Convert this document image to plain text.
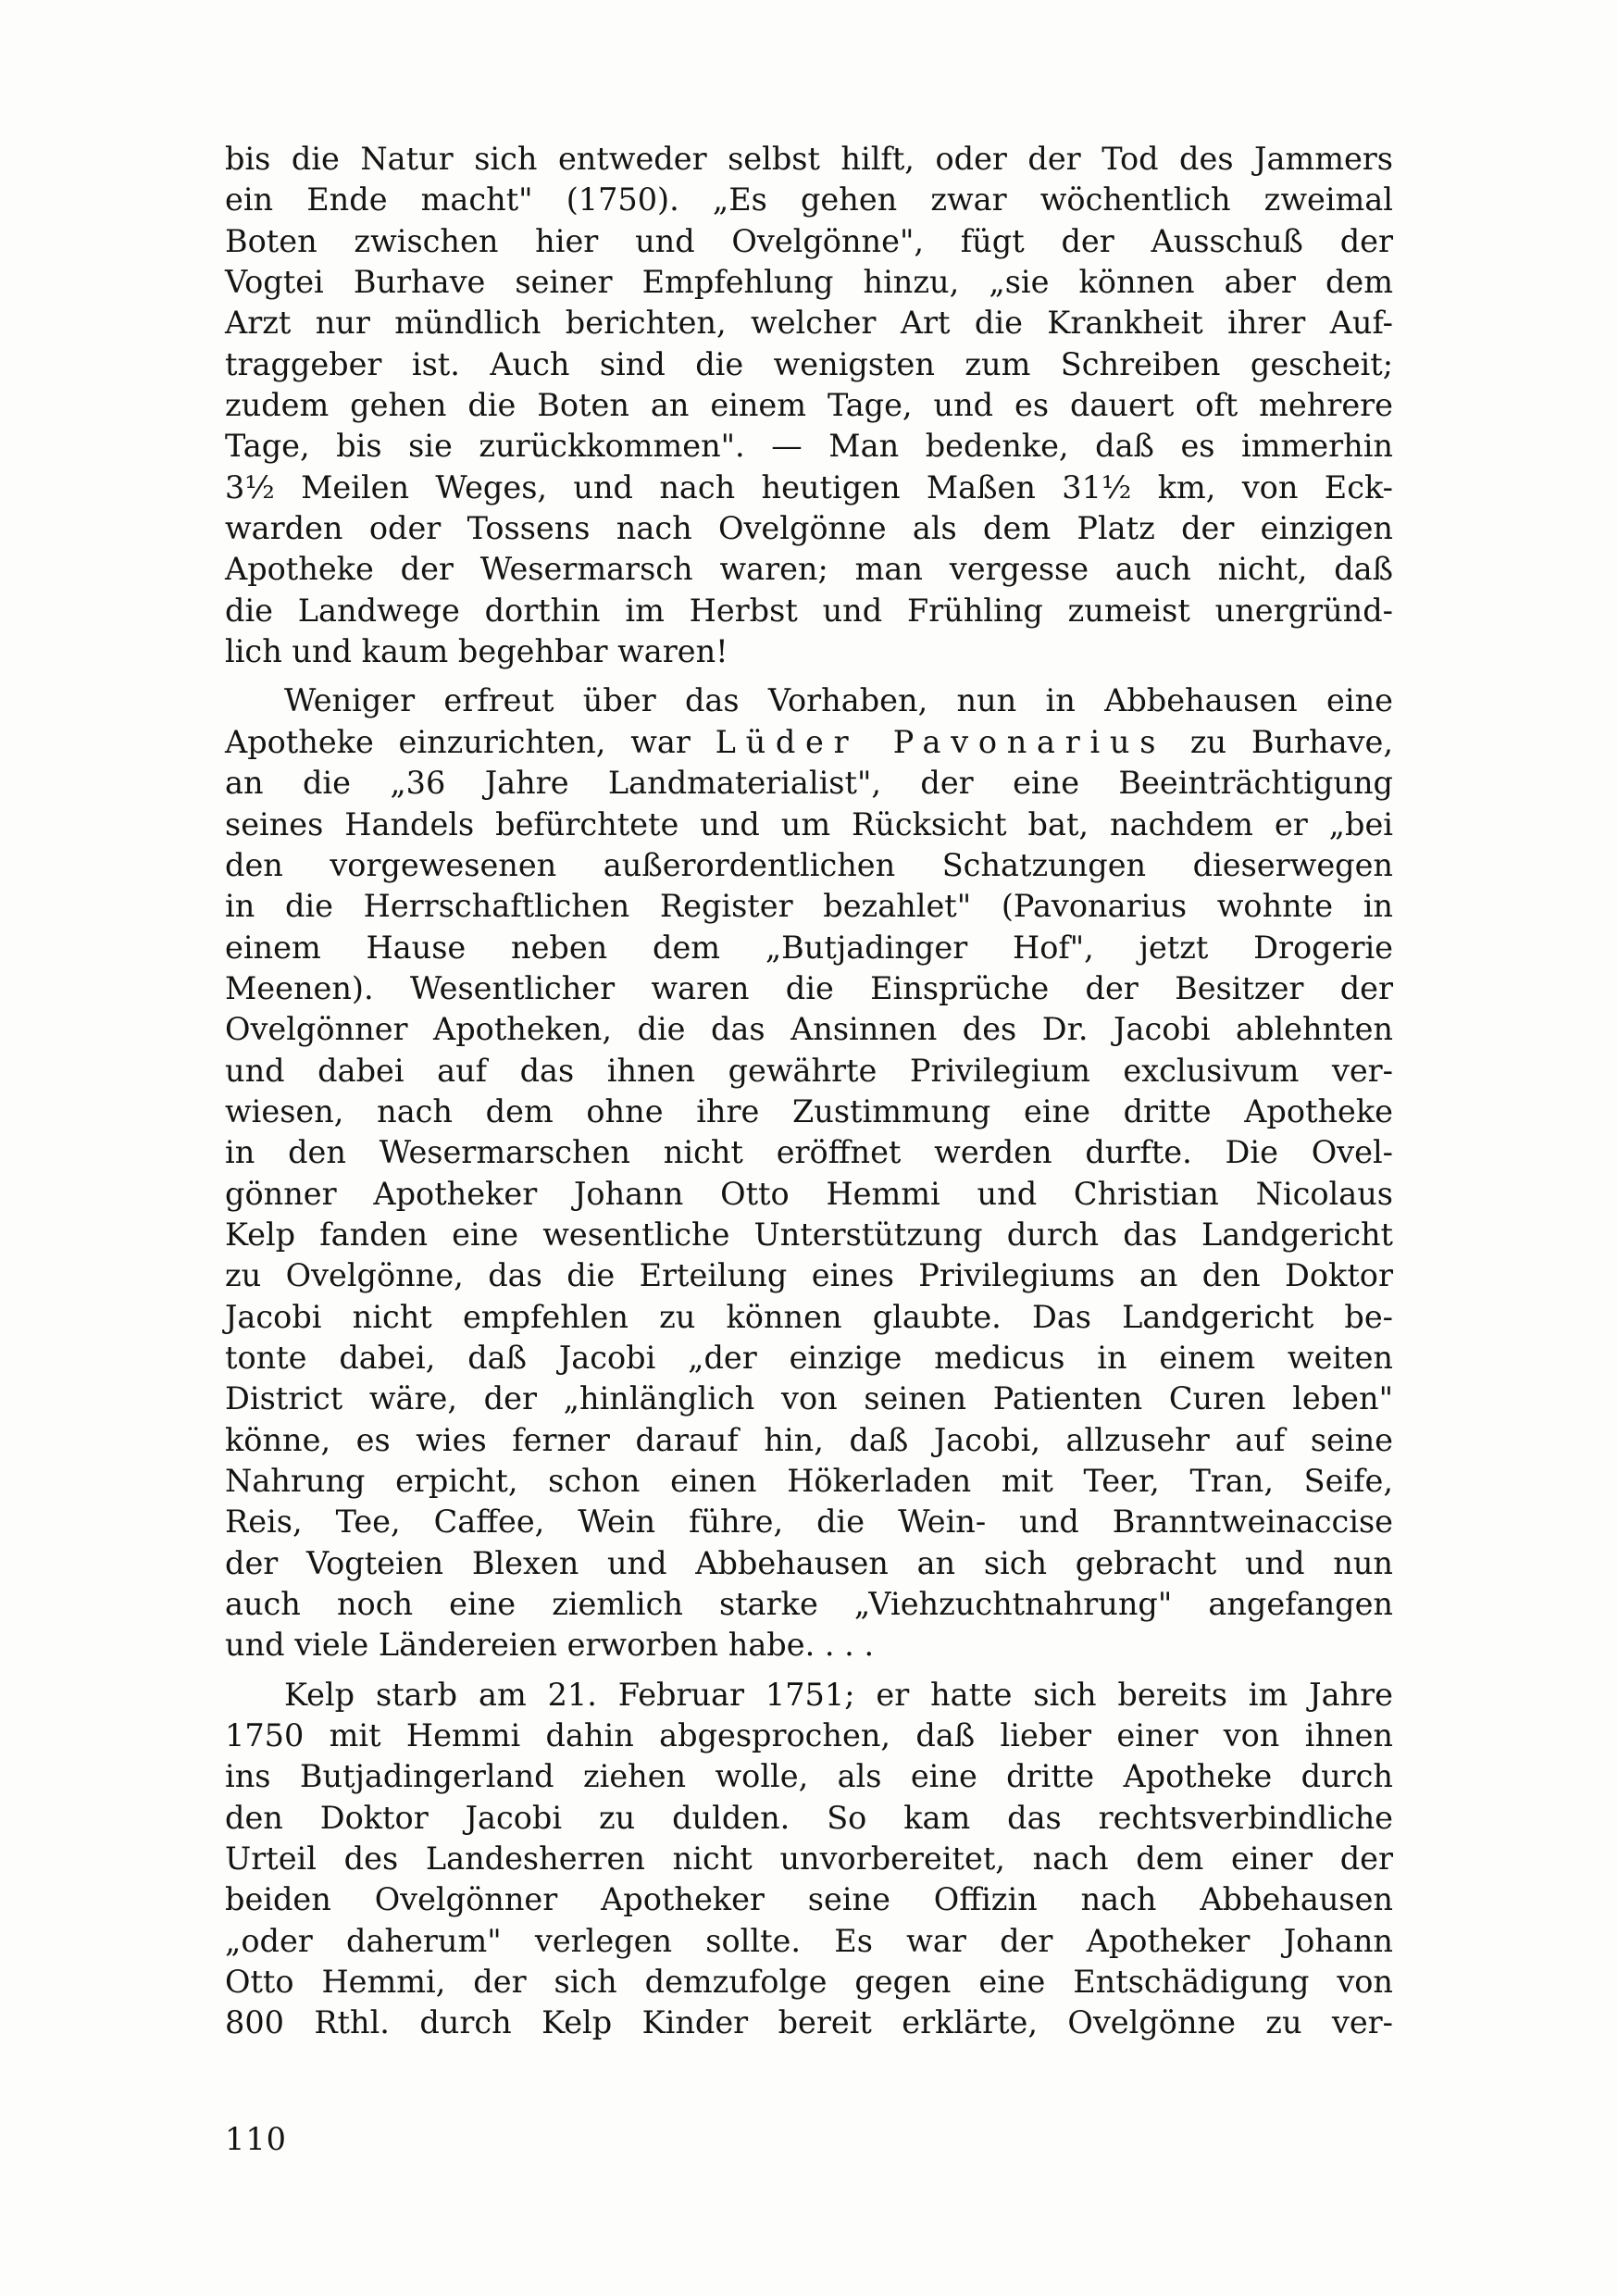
bis die Natur sich entweder selbst hilft, oder der Tod des Jammers
ein Ende macht" (1750). „Es gehen zwar wöchentlich zweimal
Boten zwischen hier und Ovelgönne", fügt der Ausschuß der
Vogtei Burhave seiner Empfehlung hinzu, „sie können aber dem
Arzt nur mündlich berichten, welcher Art die Krankheit ihrer Auf-
traggeber ist. Auch sind die wenigsten zum Schreiben gescheit;
zudem gehen die Boten an einem Tage, und es dauert oft mehrere
Tage, bis sie zurückkommen". — Man bedenke, daß es immerhin
3½ Meilen Weges, und nach heutigen Maßen 31½ km, von Eck-
warden oder Tossens nach Ovelgönne als dem Platz der einzigen
Apotheke der Wesermarsch waren; man vergesse auch nicht, daß
die Landwege dorthin im Herbst und Frühling zumeist unergründ-
lich und kaum begehbar waren!
Weniger erfreut über das Vorhaben, nun in Abbehausen eine
Apotheke einzurichten, war Lüder Pavonarius zu Burhave,
an die „36 Jahre Landmaterialist", der eine Beeinträchtigung
seines Handels befürchtete und um Rücksicht bat, nachdem er „bei
den vorgewesenen außerordentlichen Schatzungen dieserwegen
in die Herrschaftlichen Register bezahlet" (Pavonarius wohnte in
einem Hause neben dem „Butjadinger Hof", jetzt Drogerie
Meenen). Wesentlicher waren die Einsprüche der Besitzer der
Ovelgönner Apotheken, die das Ansinnen des Dr. Jacobi ablehnten
und dabei auf das ihnen gewährte Privilegium exclusivum ver-
wiesen, nach dem ohne ihre Zustimmung eine dritte Apotheke
in den Wesermarschen nicht eröffnet werden durfte. Die Ovel-
gönner Apotheker Johann Otto Hemmi und Christian Nicolaus
Kelp fanden eine wesentliche Unterstützung durch das Landgericht
zu Ovelgönne, das die Erteilung eines Privilegiums an den Doktor
Jacobi nicht empfehlen zu können glaubte. Das Landgericht be-
tonte dabei, daß Jacobi „der einzige medicus in einem weiten
District wäre, der „hinlänglich von seinen Patienten Curen leben"
könne, es wies ferner darauf hin, daß Jacobi, allzusehr auf seine
Nahrung erpicht, schon einen Hökerladen mit Teer, Tran, Seife,
Reis, Tee, Caffee, Wein führe, die Wein- und Branntweinaccise
der Vogteien Blexen und Abbehausen an sich gebracht und nun
auch noch eine ziemlich starke „Viehzuchtnahrung" angefangen
und viele Ländereien erworben habe. . . .
Kelp starb am 21. Februar 1751; er hatte sich bereits im Jahre
1750 mit Hemmi dahin abgesprochen, daß lieber einer von ihnen
ins Butjadingerland ziehen wolle, als eine dritte Apotheke durch
den Doktor Jacobi zu dulden. So kam das rechtsverbindliche
Urteil des Landesherren nicht unvorbereitet, nach dem einer der
beiden Ovelgönner Apotheker seine Offizin nach Abbehausen
„oder daherum" verlegen sollte. Es war der Apotheker Johann
Otto Hemmi, der sich demzufolge gegen eine Entschädigung von
800 Rthl. durch Kelp Kinder bereit erklärte, Ovelgönne zu ver-
110
